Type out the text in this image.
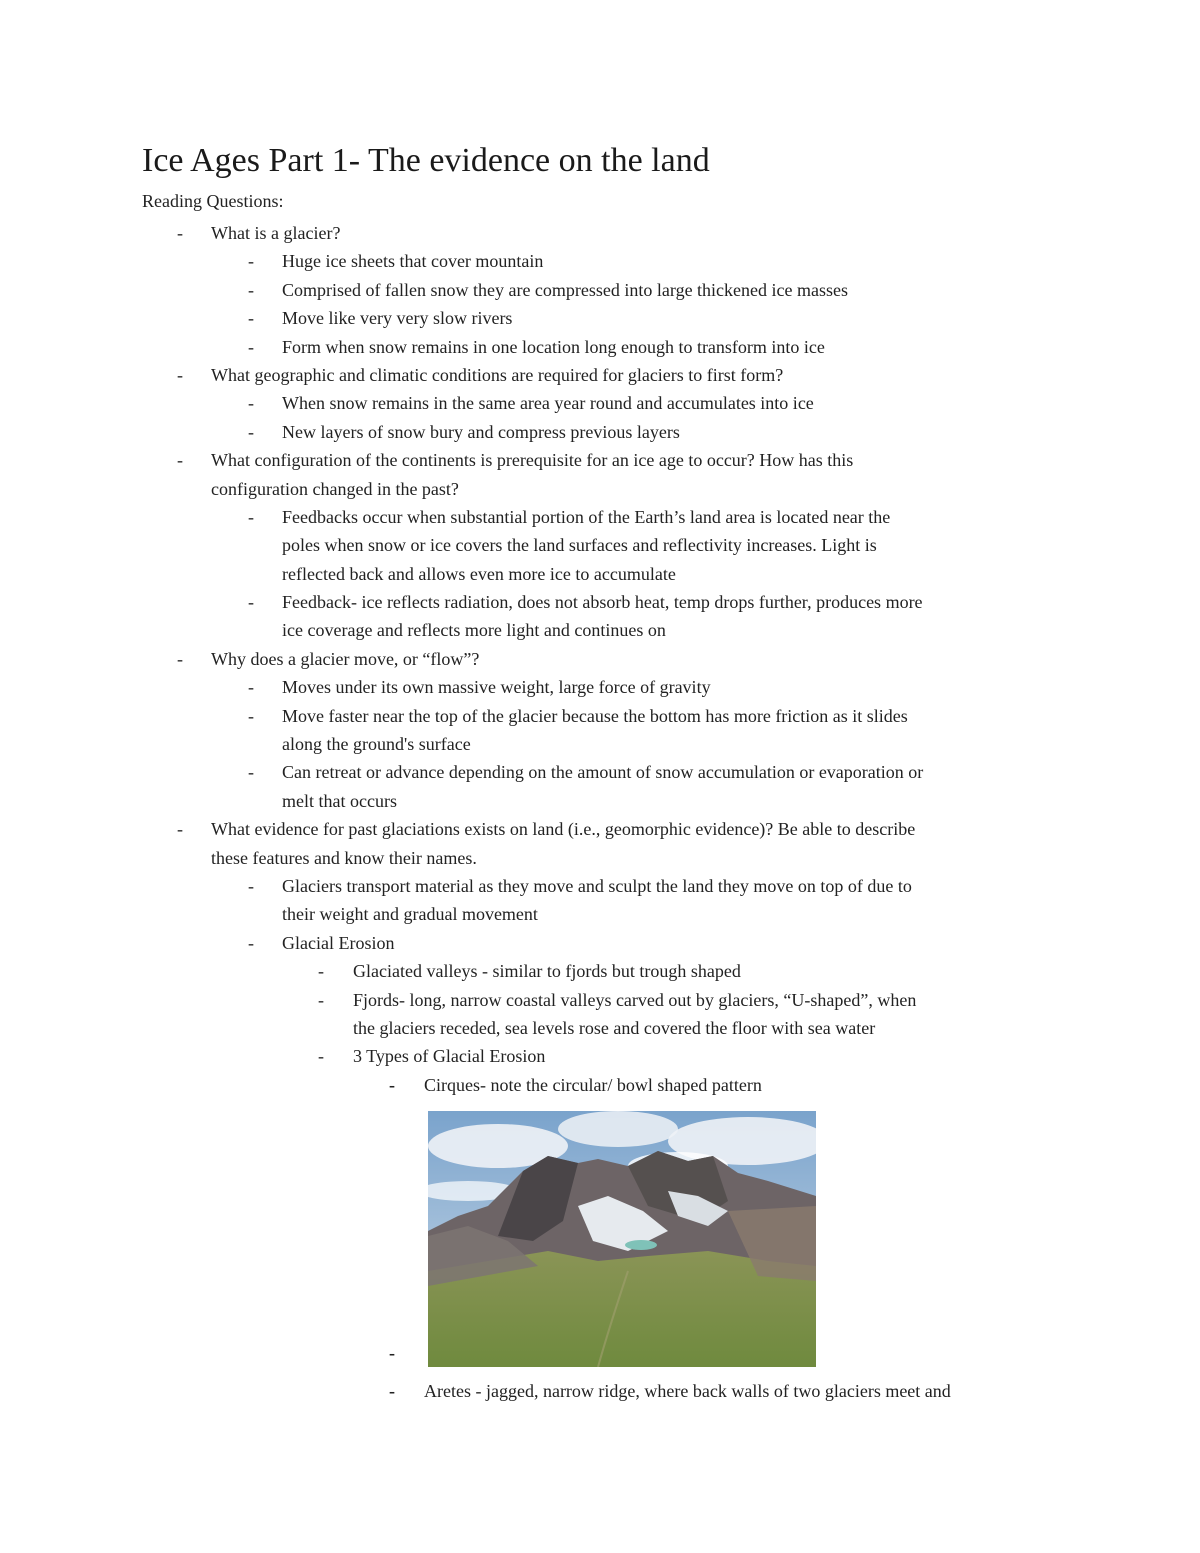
Ice Ages Part 1- The evidence on the land
Reading Questions:
- What is a glacier?
- Huge ice sheets that cover mountain
- Comprised of fallen snow they are compressed into large thickened ice masses
- Move like very very slow rivers
- Form when snow remains in one location long enough to transform into ice
- What geographic and climatic conditions are required for glaciers to first form?
- When snow remains in the same area year round and accumulates into ice
- New layers of snow bury and compress previous layers
- What configuration of the continents is prerequisite for an ice age to occur? How has this
configuration changed in the past?
- Feedbacks occur when substantial portion of the Earth’s land area is located near the
poles when snow or ice covers the land surfaces and reflectivity increases. Light is
reflected back and allows even more ice to accumulate
- Feedback- ice reflects radiation, does not absorb heat, temp drops further, produces more
ice coverage and reflects more light and continues on
- Why does a glacier move, or “flow”?
- Moves under its own massive weight, large force of gravity
- Move faster near the top of the glacier because the bottom has more friction as it slides
along the ground's surface
- Can retreat or advance depending on the amount of snow accumulation or evaporation or
melt that occurs
- What evidence for past glaciations exists on land (i.e., geomorphic evidence)? Be able to describe
these features and know their names.
- Glaciers transport material as they move and sculpt the land they move on top of due to
their weight and gradual movement
- Glacial Erosion
- Glaciated valleys - similar to fjords but trough shaped
- Fjords- long, narrow coastal valleys carved out by glaciers, “U-shaped”, when
the glaciers receded, sea levels rose and covered the floor with sea water
- 3 Types of Glacial Erosion
- Cirques- note the circular/ bowl shaped pattern
-
- Aretes - jagged, narrow ridge, where back walls of two glaciers meet and
